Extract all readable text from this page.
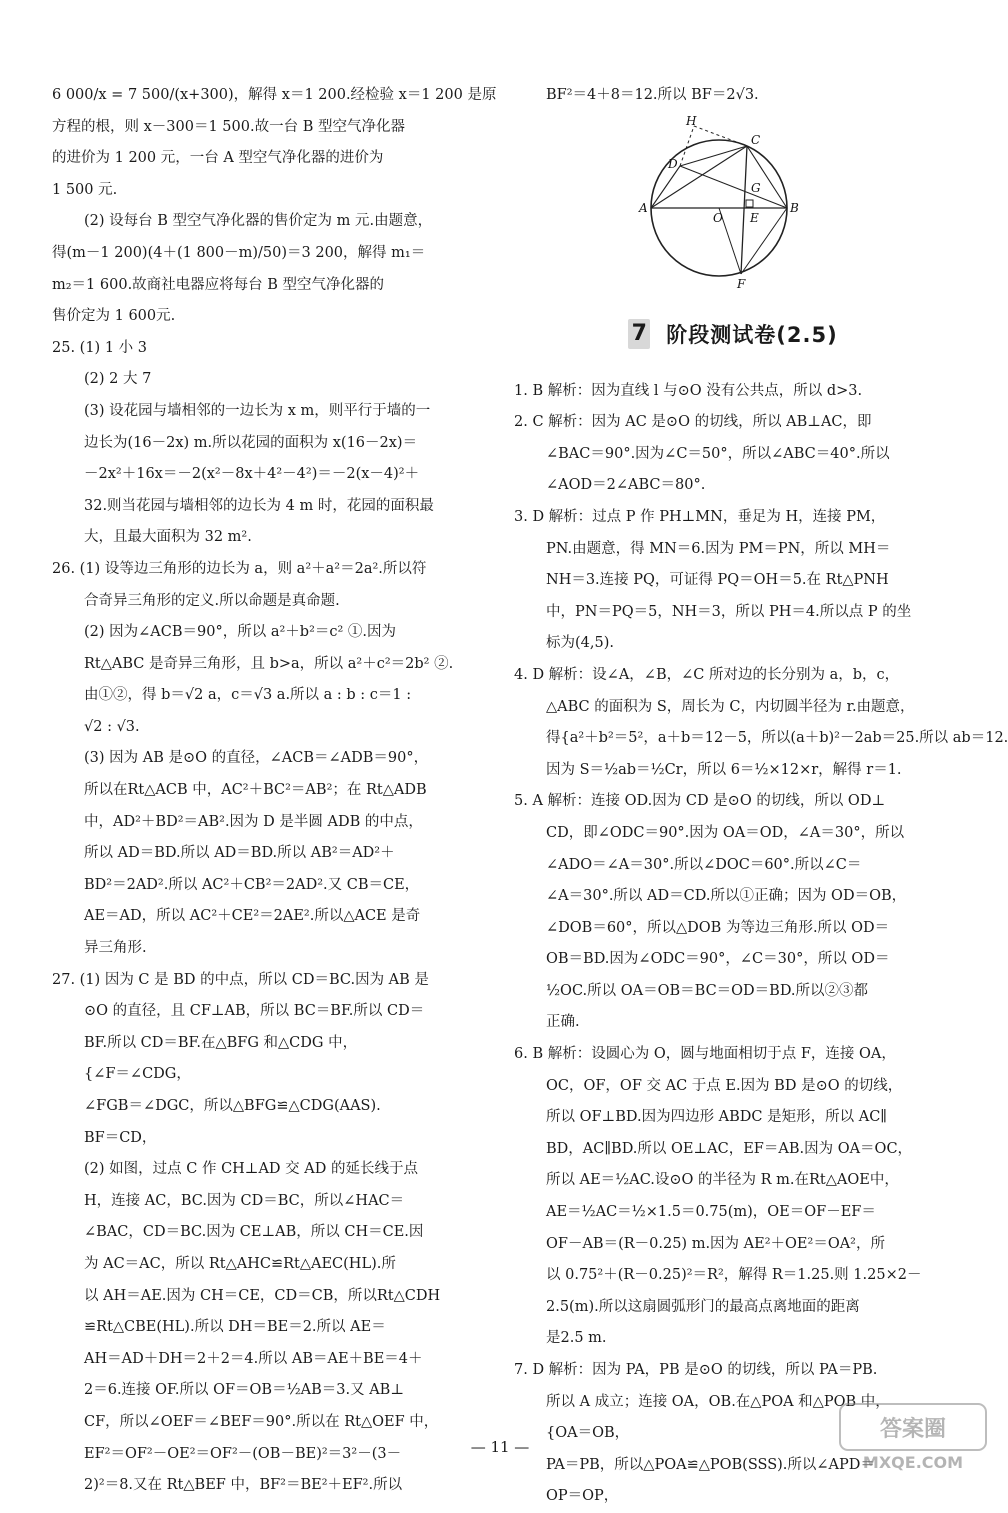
6 000/x = 7 500/(x+300)，解得 x＝1 200.经检验 x＝1 200 是原

方程的根，则 x－300＝1 500.故一台 B 型空气净化器

的进价为 1 200 元，一台 A 型空气净化器的进价为

1 500 元.

(2) 设每台 B 型空气净化器的售价定为 m 元.由题意，

得(m－1 200)(4＋(1 800－m)/50)＝3 200，解得 m₁＝

m₂＝1 600.故商社电器应将每台 B 型空气净化器的

售价定为 1 600元.

25. (1) 1 小 3

(2) 2 大 7

(3) 设花园与墙相邻的一边长为 x m，则平行于墙的一

边长为(16－2x) m.所以花园的面积为 x(16－2x)＝

－2x²＋16x＝－2(x²－8x＋4²－4²)＝－2(x－4)²＋

32.则当花园与墙相邻的边长为 4 m 时，花园的面积最

大，且最大面积为 32 m².

26. (1) 设等边三角形的边长为 a，则 a²＋a²＝2a².所以符

合奇异三角形的定义.所以命题是真命题.

(2) 因为∠ACB＝90°，所以 a²＋b²＝c² ①.因为

Rt△ABC 是奇异三角形，且 b>a，所以 a²＋c²＝2b² ②.

由①②，得 b＝√2 a，c＝√3 a.所以 a : b : c＝1 :

√2 : √3.

(3) 因为 AB 是⊙O 的直径，∠ACB＝∠ADB＝90°，

所以在Rt△ACB 中，AC²＋BC²＝AB²；在 Rt△ADB

中，AD²＋BD²＝AB².因为 D 是半圆 ADB 的中点，

所以 AD＝BD.所以 AD＝BD.所以 AB²＝AD²＋

BD²＝2AD².所以 AC²＋CB²＝2AD².又 CB＝CE，

AE＝AD，所以 AC²＋CE²＝2AE².所以△ACE 是奇

异三角形.

27. (1) 因为 C 是 BD 的中点，所以 CD＝BC.因为 AB 是

⊙O 的直径，且 CF⊥AB，所以 BC＝BF.所以 CD＝

BF.所以 CD＝BF.在△BFG 和△CDG 中，

{∠F＝∠CDG，

∠FGB＝∠DGC，所以△BFG≌△CDG(AAS).

BF＝CD，

(2) 如图，过点 C 作 CH⊥AD 交 AD 的延长线于点

H，连接 AC，BC.因为 CD＝BC，所以∠HAC＝

∠BAC，CD＝BC.因为 CE⊥AB，所以 CH＝CE.因

为 AC＝AC，所以 Rt△AHC≌Rt△AEC(HL).所

以 AH＝AE.因为 CH＝CE，CD＝CB，所以Rt△CDH

≌Rt△CBE(HL).所以 DH＝BE＝2.所以 AE＝

AH＝AD＋DH＝2＋2＝4.所以 AB＝AE＋BE＝4＋

2＝6.连接 OF.所以 OF＝OB＝½AB＝3.又 AB⊥

CF，所以∠OEF＝∠BEF＝90°.所以在 Rt△OEF 中，

EF²＝OF²－OE²＝OF²－(OB－BE)²＝3²－(3－

2)²＝8.又在 Rt△BEF 中，BF²＝BE²＋EF².所以

BF²＝4＋8＝12.所以 BF＝2√3.

H
C
D
G
A
O E
B
F
7 阶段测试卷(2.5)

1. B 解析：因为直线 l 与⊙O 没有公共点，所以 d>3.

2. C 解析：因为 AC 是⊙O 的切线，所以 AB⊥AC，即

∠BAC＝90°.因为∠C＝50°，所以∠ABC＝40°.所以

∠AOD＝2∠ABC＝80°.

3. D 解析：过点 P 作 PH⊥MN，垂足为 H，连接 PM，

PN.由题意，得 MN＝6.因为 PM＝PN，所以 MH＝

NH＝3.连接 PQ，可证得 PQ＝OH＝5.在 Rt△PNH

中，PN＝PQ＝5，NH＝3，所以 PH＝4.所以点 P 的坐

标为(4,5).

4. D 解析：设∠A，∠B，∠C 所对边的长分别为 a，b，c，

△ABC 的面积为 S，周长为 C，内切圆半径为 r.由题意，

得{a²＋b²＝5²，a＋b＝12－5，所以(a＋b)²－2ab＝25.所以 ab＝12.

因为 S＝½ab＝½Cr，所以 6＝½×12×r，解得 r＝1.

5. A 解析：连接 OD.因为 CD 是⊙O 的切线，所以 OD⊥

CD，即∠ODC＝90°.因为 OA＝OD，∠A＝30°，所以

∠ADO＝∠A＝30°.所以∠DOC＝60°.所以∠C＝

∠A＝30°.所以 AD＝CD.所以①正确；因为 OD＝OB，

∠DOB＝60°，所以△DOB 为等边三角形.所以 OD＝

OB＝BD.因为∠ODC＝90°，∠C＝30°，所以 OD＝

½OC.所以 OA＝OB＝BC＝OD＝BD.所以②③都

正确.

6. B 解析：设圆心为 O，圆与地面相切于点 F，连接 OA，

OC，OF，OF 交 AC 于点 E.因为 BD 是⊙O 的切线，

所以 OF⊥BD.因为四边形 ABDC 是矩形，所以 AC∥

BD，AC∥BD.所以 OE⊥AC，EF＝AB.因为 OA＝OC，

所以 AE＝½AC.设⊙O 的半径为 R m.在Rt△AOE中，

AE＝½AC＝½×1.5＝0.75(m)，OE＝OF－EF＝

OF－AB＝(R－0.25) m.因为 AE²＋OE²＝OA²，所

以 0.75²＋(R－0.25)²＝R²，解得 R＝1.25.则 1.25×2－

2.5(m).所以这扇圆弧形门的最高点离地面的距离

是2.5 m.

7. D 解析：因为 PA，PB 是⊙O 的切线，所以 PA＝PB.

所以 A 成立；连接 OA，OB.在△POA 和△POB 中，

{OA＝OB，

PA＝PB，所以△POA≌△POB(SSS).所以∠APD＝

OP＝OP，

— 11 —
答案圈
MXQE.COM
